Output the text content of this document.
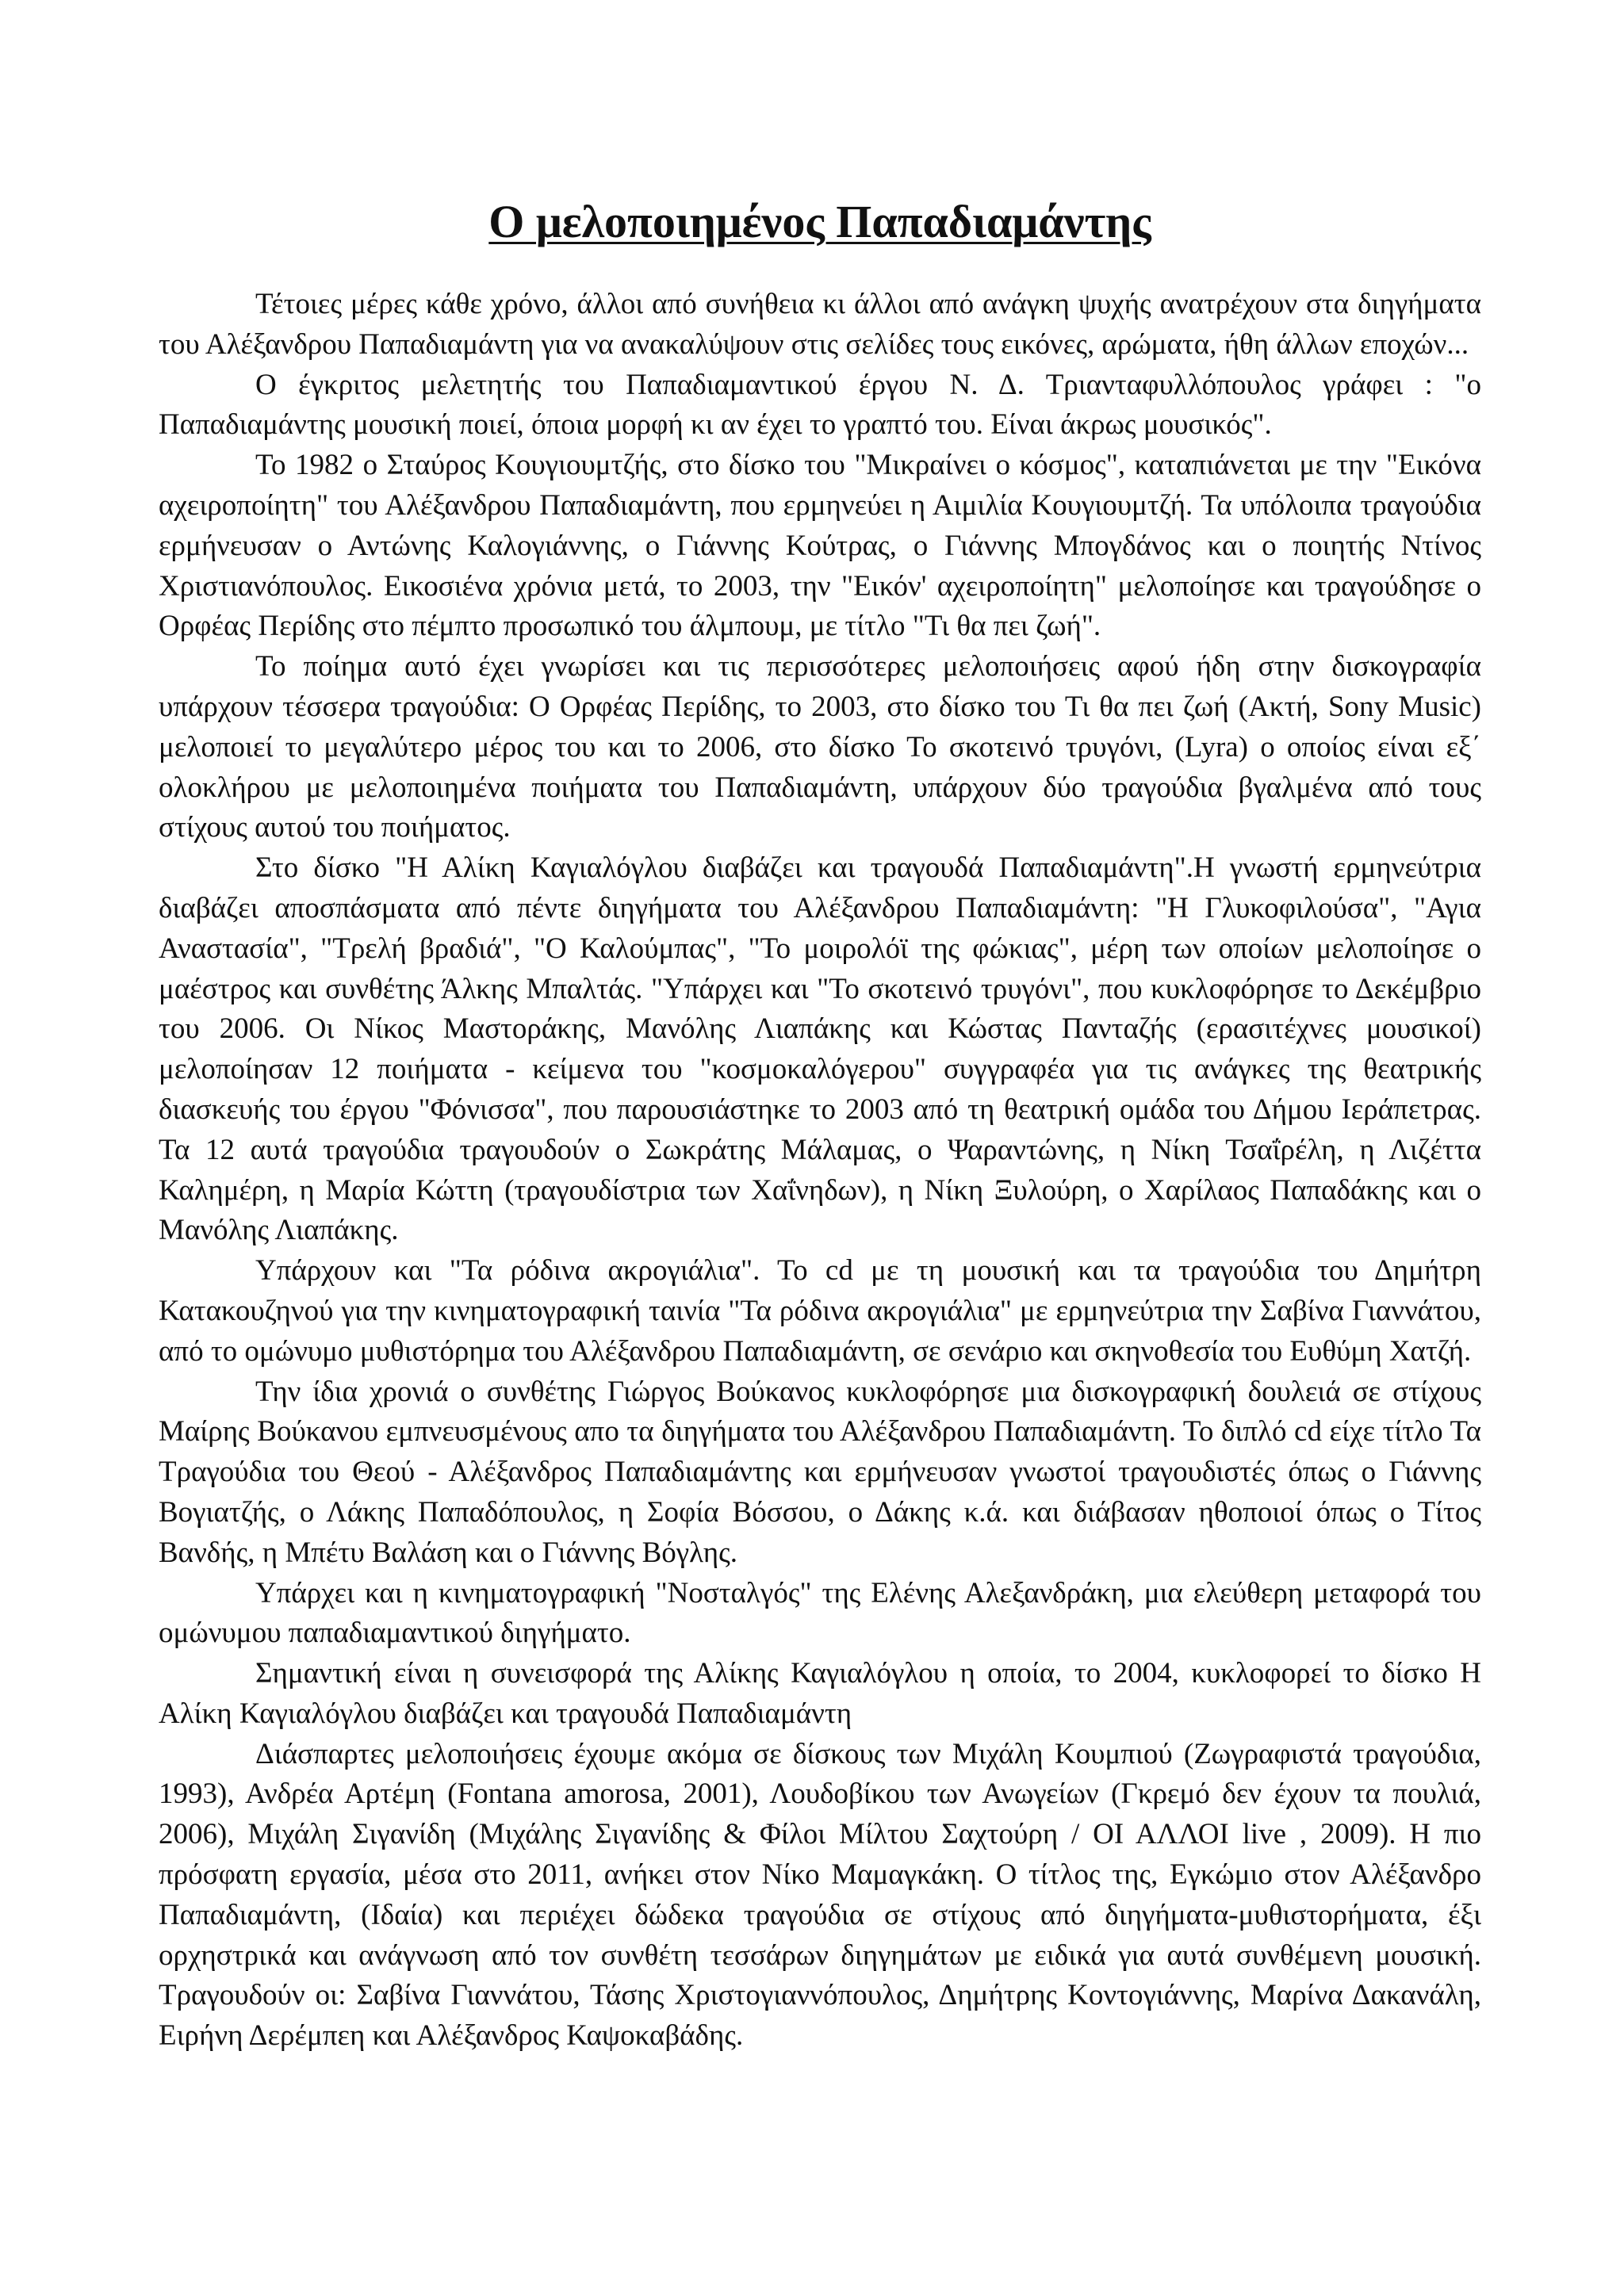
Ο μελοποιημένος Παπαδιαμάντης

Τέτοιες μέρες κάθε χρόνο, άλλοι από συνήθεια κι άλλοι από ανάγκη ψυχής ανατρέχουν στα διηγήματα του Αλέξανδρου Παπαδιαμάντη για να ανακαλύψουν στις σελίδες τους εικόνες, αρώματα, ήθη άλλων εποχών...

Ο έγκριτος μελετητής του Παπαδιαμαντικού έργου Ν. Δ. Τριανταφυλλόπουλος γράφει : "ο Παπαδιαμάντης μουσική ποιεί, όποια μορφή κι αν έχει το γραπτό του. Είναι άκρως μουσικός".

Το 1982 ο Σταύρος Κουγιουμτζής, στο δίσκο του "Μικραίνει ο κόσμος", καταπιάνεται με την "Εικόνα αχειροποίητη" του Αλέξανδρου Παπαδιαμάντη, που ερμηνεύει η Αιμιλία Κουγιουμτζή. Τα υπόλοιπα τραγούδια ερμήνευσαν ο Αντώνης Καλογιάννης, ο Γιάννης Κούτρας, ο Γιάννης Μπογδάνος και ο ποιητής Ντίνος Χριστιανόπουλος. Εικοσιένα χρόνια μετά, το 2003, την "Εικόν' αχειροποίητη" μελοποίησε και τραγούδησε ο Ορφέας Περίδης στο πέμπτο προσωπικό του άλμπουμ, με τίτλο "Τι θα πει ζωή".

Το ποίημα αυτό έχει γνωρίσει και τις περισσότερες μελοποιήσεις αφού ήδη στην δισκογραφία υπάρχουν τέσσερα τραγούδια: Ο Ορφέας Περίδης, το 2003, στο δίσκο του Τι θα πει ζωή (Ακτή, Sony Music) μελοποιεί το μεγαλύτερο μέρος του και το 2006, στο δίσκο Το σκοτεινό τρυγόνι, (Lyra) ο οποίος είναι εξ΄ ολοκλήρου με μελοποιημένα ποιήματα του Παπαδιαμάντη, υπάρχουν δύο τραγούδια βγαλμένα από τους στίχους αυτού του ποιήματος.

Στο δίσκο "Η Αλίκη Καγιαλόγλου διαβάζει και τραγουδά Παπαδιαμάντη".Η γνωστή ερμηνεύτρια διαβάζει αποσπάσματα από πέντε διηγήματα του Αλέξανδρου Παπαδιαμάντη: "Η Γλυκοφιλούσα", "Αγια Αναστασία", "Τρελή βραδιά", "Ο Καλούμπας", "Το μοιρολόϊ της φώκιας", μέρη των οποίων μελοποίησε ο μαέστρος και συνθέτης Άλκης Μπαλτάς. "Υπάρχει και "Το σκοτεινό τρυγόνι", που κυκλοφόρησε το Δεκέμβριο του 2006. Οι Νίκος Μαστοράκης, Μανόλης Λιαπάκης και Κώστας Πανταζής (ερασιτέχνες μουσικοί) μελοποίησαν 12 ποιήματα - κείμενα του "κοσμοκαλόγερου" συγγραφέα για τις ανάγκες της θεατρικής διασκευής του έργου "Φόνισσα", που παρουσιάστηκε το 2003 από τη θεατρική ομάδα του Δήμου Ιεράπετρας. Τα 12 αυτά τραγούδια τραγουδούν ο Σωκράτης Μάλαμας, ο Ψαραντώνης, η Νίκη Τσαΐρέλη, η Λιζέττα Καλημέρη, η Μαρία Κώττη (τραγουδίστρια των Χαΐνηδων), η Νίκη Ξυλούρη, ο Χαρίλαος Παπαδάκης και ο Μανόλης Λιαπάκης.

Υπάρχουν και "Τα ρόδινα ακρογιάλια". Το cd με τη μουσική και τα τραγούδια του Δημήτρη Κατακουζηνού για την κινηματογραφική ταινία "Τα ρόδινα ακρογιάλια" με ερμηνεύτρια την Σαβίνα Γιαννάτου, από το ομώνυμο μυθιστόρημα του Αλέξανδρου Παπαδιαμάντη, σε σενάριο και σκηνοθεσία του Ευθύμη Χατζή.

Την ίδια χρονιά ο συνθέτης Γιώργος Βούκανος κυκλοφόρησε μια δισκογραφική δουλειά σε στίχους Μαίρης Βούκανου εμπνευσμένους απο τα διηγήματα του Αλέξανδρου Παπαδιαμάντη. Το διπλό cd είχε τίτλο Τα Τραγούδια του Θεού - Αλέξανδρος Παπαδιαμάντης και ερμήνευσαν γνωστοί τραγουδιστές όπως ο Γιάννης Βογιατζής, ο Λάκης Παπαδόπουλος, η Σοφία Βόσσου, ο Δάκης κ.ά. και διάβασαν ηθοποιοί όπως ο Τίτος Βανδής, η Μπέτυ Βαλάση και ο Γιάννης Βόγλης.

Υπάρχει και η κινηματογραφική "Νοσταλγός" της Ελένης Αλεξανδράκη, μια ελεύθερη μεταφορά του ομώνυμου παπαδιαμαντικού διηγήματο.

Σημαντική είναι η συνεισφορά της Αλίκης Καγιαλόγλου η οποία, το 2004, κυκλοφορεί το δίσκο Η Αλίκη Καγιαλόγλου διαβάζει και τραγουδά Παπαδιαμάντη

Διάσπαρτες μελοποιήσεις έχουμε ακόμα σε δίσκους των Μιχάλη Κουμπιού (Ζωγραφιστά τραγούδια, 1993), Ανδρέα Αρτέμη (Fontana amorosa, 2001), Λουδοβίκου των Ανωγείων (Γκρεμό δεν έχουν τα πουλιά, 2006), Μιχάλη Σιγανίδη (Μιχάλης Σιγανίδης & Φίλοι Μίλτου Σαχτούρη / ΟΙ ΑΛΛΟΙ live , 2009). Η πιο πρόσφατη εργασία, μέσα στο 2011, ανήκει στον Νίκο Μαμαγκάκη. Ο τίτλος της, Εγκώμιο στον Αλέξανδρο Παπαδιαμάντη, (Ιδαία) και περιέχει δώδεκα τραγούδια σε στίχους από διηγήματα-μυθιστορήματα, έξι ορχηστρικά και ανάγνωση από τον συνθέτη τεσσάρων διηγημάτων με ειδικά για αυτά συνθέμενη μουσική. Τραγουδούν οι: Σαβίνα Γιαννάτου, Τάσης Χριστογιαννόπουλος, Δημήτρης Κοντογιάννης, Μαρίνα Δακανάλη, Ειρήνη Δερέμπεη και Αλέξανδρος Καψοκαβάδης.
